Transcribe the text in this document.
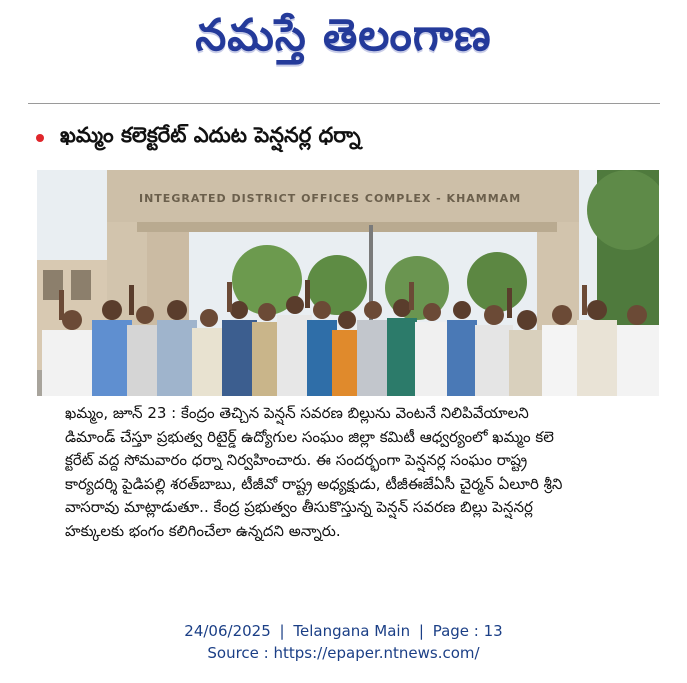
నమస్తే తెలంగాణ
ఖమ్మం కలెక్టరేట్ ఎదుట పెన్షనర్ల ధర్నా
INTEGRATED DISTRICT OFFICES COMPLEX - KHAMMAM
ఖమ్మం, జూన్ 23 : కేంద్రం తెచ్చిన పెన్షన్ సవరణ బిల్లును వెంటనే నిలిపివేయాలని
డిమాండ్ చేస్తూ ప్రభుత్వ రిటైర్డ్ ఉద్యోగుల సంఘం జిల్లా కమిటీ ఆధ్వర్యంలో ఖమ్మం కలె
క్టరేట్ వద్ద సోమవారం ధర్నా నిర్వహించారు. ఈ సందర్భంగా పెన్షనర్ల సంఘం రాష్ట్ర
కార్యదర్శి పైడిపల్లి శరత్‌బాబు, టీజీవో రాష్ట్ర అధ్యక్షుడు, టీజీఈజేఏసీ చైర్మన్ ఏలూరి శ్రీని
వాసరావు మాట్లాడుతూ.. కేంద్ర ప్రభుత్వం తీసుకొస్తున్న పెన్షన్ సవరణ బిల్లు పెన్షనర్ల
హక్కులకు భంగం కలిగించేలా ఉన్నదని అన్నారు.
24/06/2025 | Telangana Main | Page : 13
Source : https://epaper.ntnews.com/
